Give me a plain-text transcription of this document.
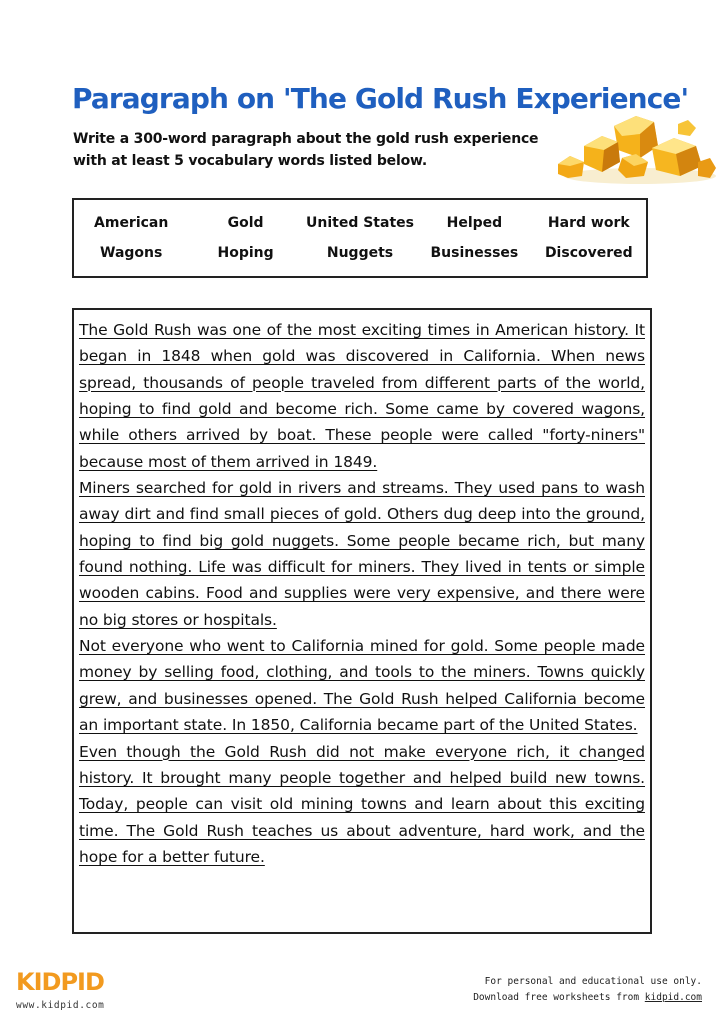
Paragraph on 'The Gold Rush Experience'
Write a 300-word paragraph about the gold rush experience with at least 5 vocabulary words listed below.
American	Gold	United States	Helped	Hard work
Wagons	Hoping	Nuggets	Businesses	Discovered

The Gold Rush was one of the most exciting times in American history. It began in 1848 when gold was discovered in California. When news spread, thousands of people traveled from different parts of the world, hoping to find gold and become rich. Some came by covered wagons, while others arrived by boat. These people were called "forty-niners" because most of them arrived in 1849.

Miners searched for gold in rivers and streams. They used pans to wash away dirt and find small pieces of gold. Others dug deep into the ground, hoping to find big gold nuggets. Some people became rich, but many found nothing. Life was difficult for miners. They lived in tents or simple wooden cabins. Food and supplies were very expensive, and there were no big stores or hospitals.

Not everyone who went to California mined for gold. Some people made money by selling food, clothing, and tools to the miners. Towns quickly grew, and businesses opened. The Gold Rush helped California become an important state. In 1850, California became part of the United States.

Even though the Gold Rush did not make everyone rich, it changed history. It brought many people together and helped build new towns. Today, people can visit old mining towns and learn about this exciting time. The Gold Rush teaches us about adventure, hard work, and the hope for a better future.

KIDPID
www.kidpid.com
For personal and educational use only.
Download free worksheets from kidpid.com
